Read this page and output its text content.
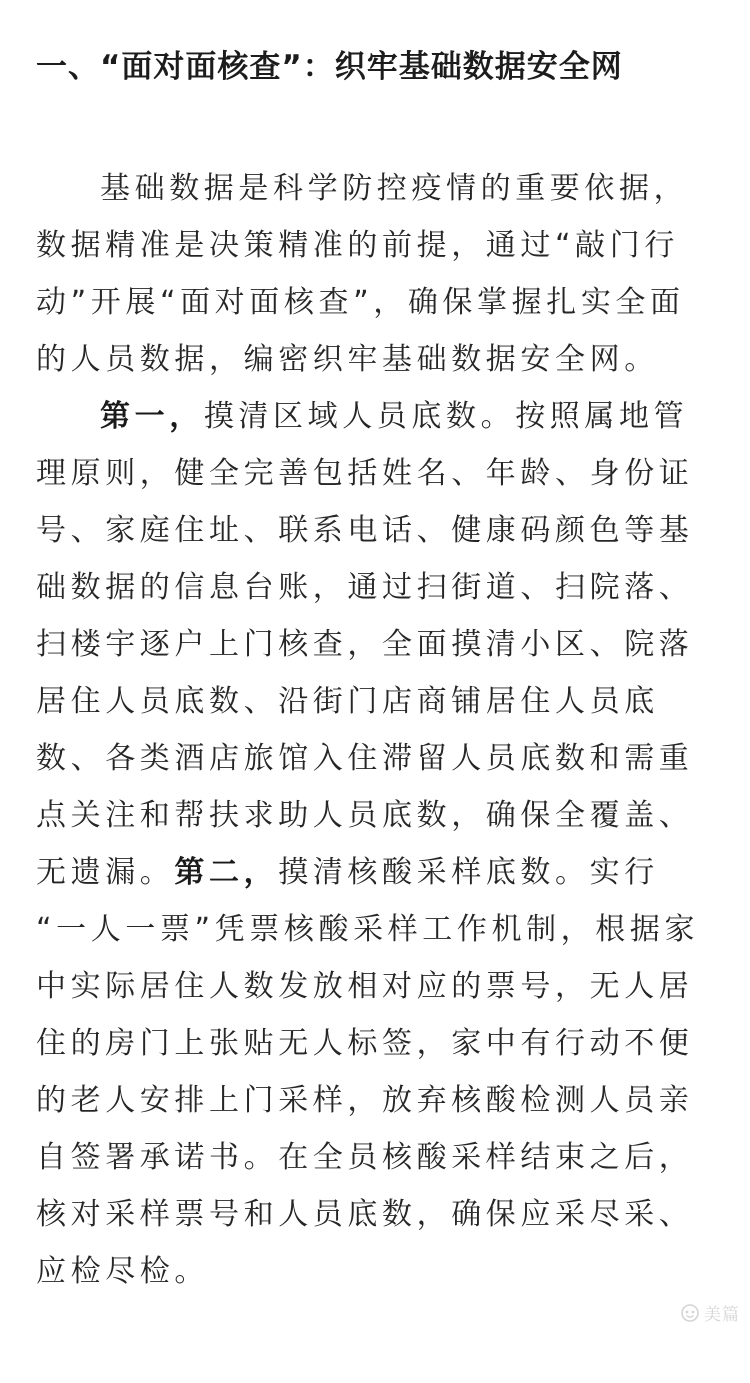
一、“面对面核查”：织牢基础数据安全网
基础数据是科学防控疫情的重要依据，
数据精准是决策精准的前提，通过“敲门行
动”开展“面对面核查”，确保掌握扎实全面
的人员数据，编密织牢基础数据安全网。
第一，摸清区域人员底数。按照属地管
理原则，健全完善包括姓名、年龄、身份证
号、家庭住址、联系电话、健康码颜色等基
础数据的信息台账，通过扫街道、扫院落、
扫楼宇逐户上门核查，全面摸清小区、院落
居住人员底数、沿街门店商铺居住人员底
数、各类酒店旅馆入住滞留人员底数和需重
点关注和帮扶求助人员底数，确保全覆盖、
无遗漏。第二，摸清核酸采样底数。实行
“一人一票”凭票核酸采样工作机制，根据家
中实际居住人数发放相对应的票号，无人居
住的房门上张贴无人标签，家中有行动不便
的老人安排上门采样，放弃核酸检测人员亲
自签署承诺书。在全员核酸采样结束之后，
核对采样票号和人员底数，确保应采尽采、
应检尽检。
美篇
